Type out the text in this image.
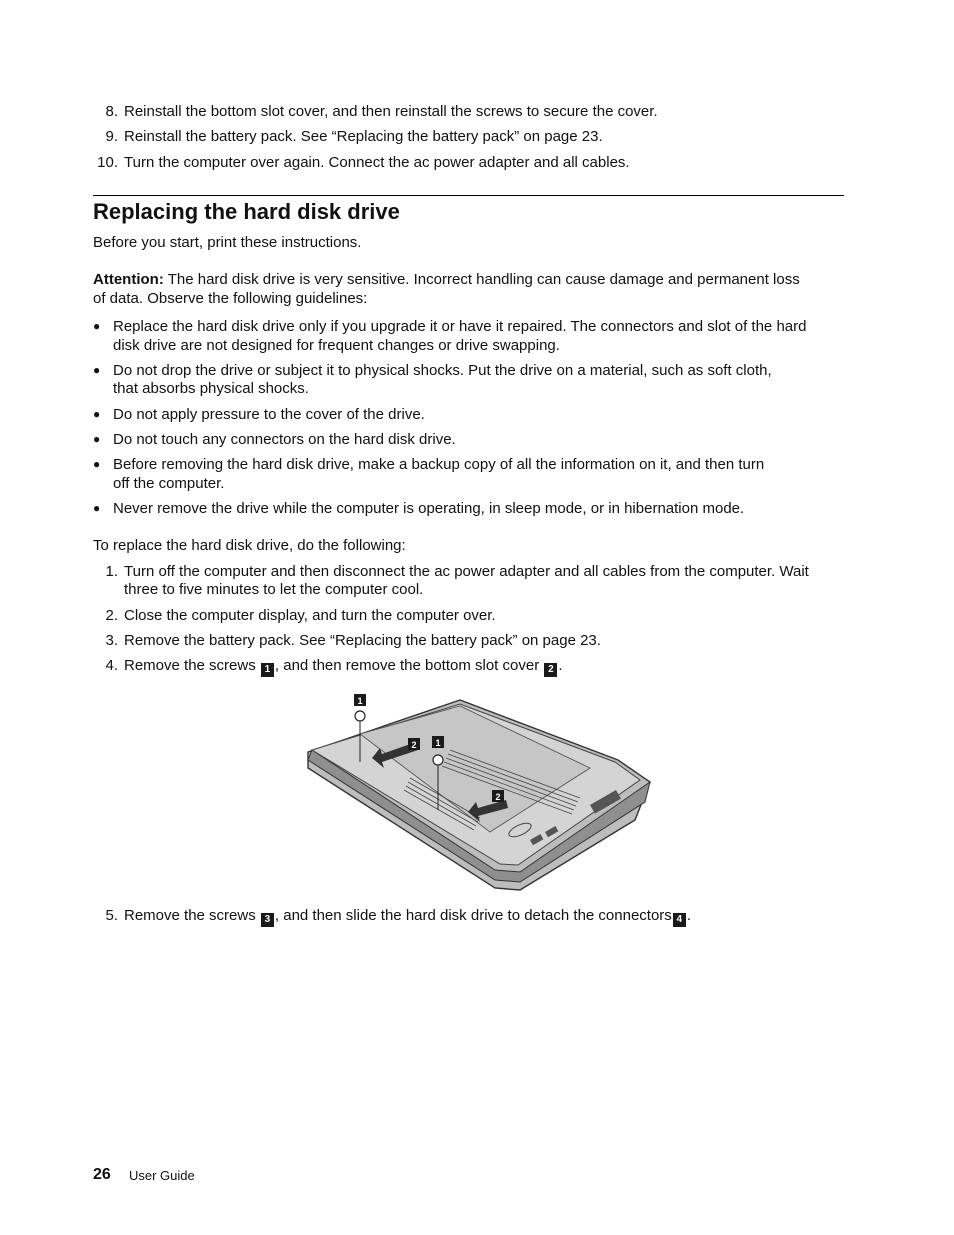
8. Reinstall the bottom slot cover, and then reinstall the screws to secure the cover.
9. Reinstall the battery pack. See “Replacing the battery pack” on page 23.
10. Turn the computer over again. Connect the ac power adapter and all cables.
Replacing the hard disk drive
Before you start, print these instructions.
Attention: The hard disk drive is very sensitive. Incorrect handling can cause damage and permanent loss
of data. Observe the following guidelines:
● Replace the hard disk drive only if you upgrade it or have it repaired. The connectors and slot of the hard
disk drive are not designed for frequent changes or drive swapping.
● Do not drop the drive or subject it to physical shocks. Put the drive on a material, such as soft cloth,
that absorbs physical shocks.
● Do not apply pressure to the cover of the drive.
● Do not touch any connectors on the hard disk drive.
● Before removing the hard disk drive, make a backup copy of all the information on it, and then turn
off the computer.
● Never remove the drive while the computer is operating, in sleep mode, or in hibernation mode.
To replace the hard disk drive, do the following:
1. Turn off the computer and then disconnect the ac power adapter and all cables from the computer. Wait
three to five minutes to let the computer cool.
2. Close the computer display, and turn the computer over.
3. Remove the battery pack. See “Replacing the battery pack” on page 23.
4. Remove the screws 1 , and then remove the bottom slot cover 2 .
1
1
2
2
5. Remove the screws 3 , and then slide the hard disk drive to detach the connectors 4 .
26 User Guide
